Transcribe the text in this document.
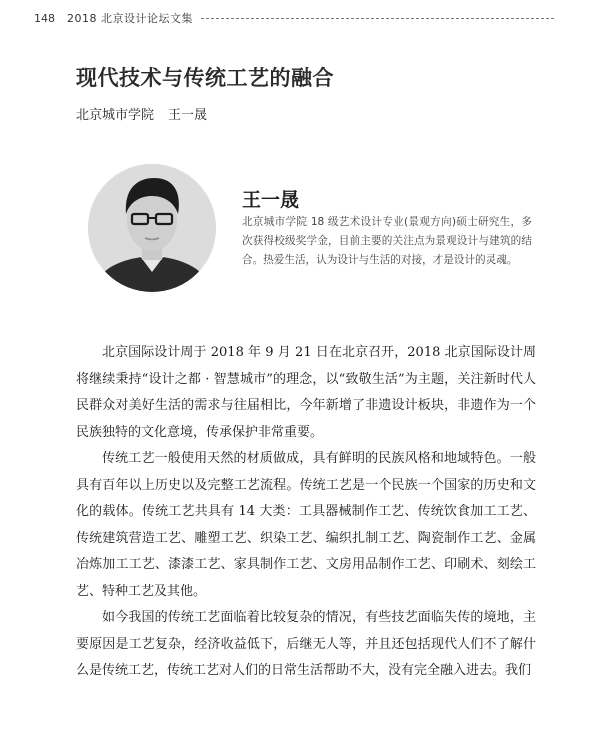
148 2018 北京设计论坛文集
现代技术与传统工艺的融合
北京城市学院 王一晟
王一晟
北京城市学院 18 级艺术设计专业(景观方向)硕士研究生，多次获得校级奖学金，目前主要的关注点为景观设计与建筑的结合。热爱生活，认为设计与生活的对接，才是设计的灵魂。

北京国际设计周于 2018 年 9 月 21 日在北京召开，2018 北京国际设计周将继续秉持“设计之都 · 智慧城市”的理念，以“致敬生活”为主题，关注新时代人民群众对美好生活的需求与往届相比，今年新增了非遗设计板块，非遗作为一个民族独特的文化意境，传承保护非常重要。

传统工艺一般使用天然的材质做成，具有鲜明的民族风格和地域特色。一般具有百年以上历史以及完整工艺流程。传统工艺是一个民族一个国家的历史和文化的载体。传统工艺共具有 14 大类：工具器械制作工艺、传统饮食加工工艺、传统建筑营造工艺、雕塑工艺、织染工艺、编织扎制工艺、陶瓷制作工艺、金属冶炼加工工艺、漆漆工艺、家具制作工艺、文房用品制作工艺、印刷术、刻绘工艺、特种工艺及其他。

如今我国的传统工艺面临着比较复杂的情况，有些技艺面临失传的境地，主要原因是工艺复杂，经济收益低下，后继无人等，并且还包括现代人们不了解什么是传统工艺，传统工艺对人们的日常生活帮助不大，没有完全融入进去。我们
